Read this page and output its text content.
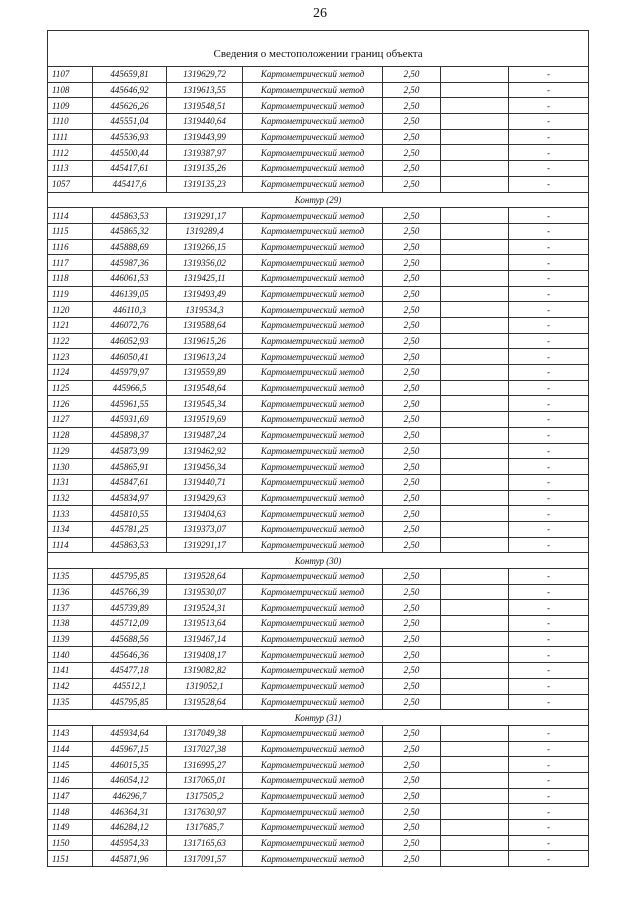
26
Сведения о местоположении границ объекта						
1107	445659,81	1319629,72	Картометрический метод	2,50		-
1108	445646,92	1319613,55	Картометрический метод	2,50		-
1109	445626,26	1319548,51	Картометрический метод	2,50		-
1110	445551,04	1319440,64	Картометрический метод	2,50		-
1111	445536,93	1319443,99	Картометрический метод	2,50		-
1112	445500,44	1319387,97	Картометрический метод	2,50		-
1113	445417,61	1319135,26	Картометрический метод	2,50		-
1057	445417,6	1319135,23	Картометрический метод	2,50		-
Контур (29)						
1114	445863,53	1319291,17	Картометрический метод	2,50		-
1115	445865,32	1319289,4	Картометрический метод	2,50		-
1116	445888,69	1319266,15	Картометрический метод	2,50		-
1117	445987,36	1319356,02	Картометрический метод	2,50		-
1118	446061,53	1319425,11	Картометрический метод	2,50		-
1119	446139,05	1319493,49	Картометрический метод	2,50		-
1120	446110,3	1319534,3	Картометрический метод	2,50		-
1121	446072,76	1319588,64	Картометрический метод	2,50		-
1122	446052,93	1319615,26	Картометрический метод	2,50		-
1123	446050,41	1319613,24	Картометрический метод	2,50		-
1124	445979,97	1319559,89	Картометрический метод	2,50		-
1125	445966,5	1319548,64	Картометрический метод	2,50		-
1126	445961,55	1319545,34	Картометрический метод	2,50		-
1127	445931,69	1319519,69	Картометрический метод	2,50		-
1128	445898,37	1319487,24	Картометрический метод	2,50		-
1129	445873,99	1319462,92	Картометрический метод	2,50		-
1130	445865,91	1319456,34	Картометрический метод	2,50		-
1131	445847,61	1319440,71	Картометрический метод	2,50		-
1132	445834,97	1319429,63	Картометрический метод	2,50		-
1133	445810,55	1319404,63	Картометрический метод	2,50		-
1134	445781,25	1319373,07	Картометрический метод	2,50		-
1114	445863,53	1319291,17	Картометрический метод	2,50		-
Контур (30)						
1135	445795,85	1319528,64	Картометрический метод	2,50		-
1136	445766,39	1319530,07	Картометрический метод	2,50		-
1137	445739,89	1319524,31	Картометрический метод	2,50		-
1138	445712,09	1319513,64	Картометрический метод	2,50		-
1139	445688,56	1319467,14	Картометрический метод	2,50		-
1140	445646,36	1319408,17	Картометрический метод	2,50		-
1141	445477,18	1319082,82	Картометрический метод	2,50		-
1142	445512,1	1319052,1	Картометрический метод	2,50		-
1135	445795,85	1319528,64	Картометрический метод	2,50		-
Контур (31)						
1143	445934,64	1317049,38	Картометрический метод	2,50		-
1144	445967,15	1317027,38	Картометрический метод	2,50		-
1145	446015,35	1316995,27	Картометрический метод	2,50		-
1146	446054,12	1317065,01	Картометрический метод	2,50		-
1147	446296,7	1317505,2	Картометрический метод	2,50		-
1148	446364,31	1317630,97	Картометрический метод	2,50		-
1149	446284,12	1317685,7	Картометрический метод	2,50		-
1150	445954,33	1317165,63	Картометрический метод	2,50		-
1151	445871,96	1317091,57	Картометрический метод	2,50		-
